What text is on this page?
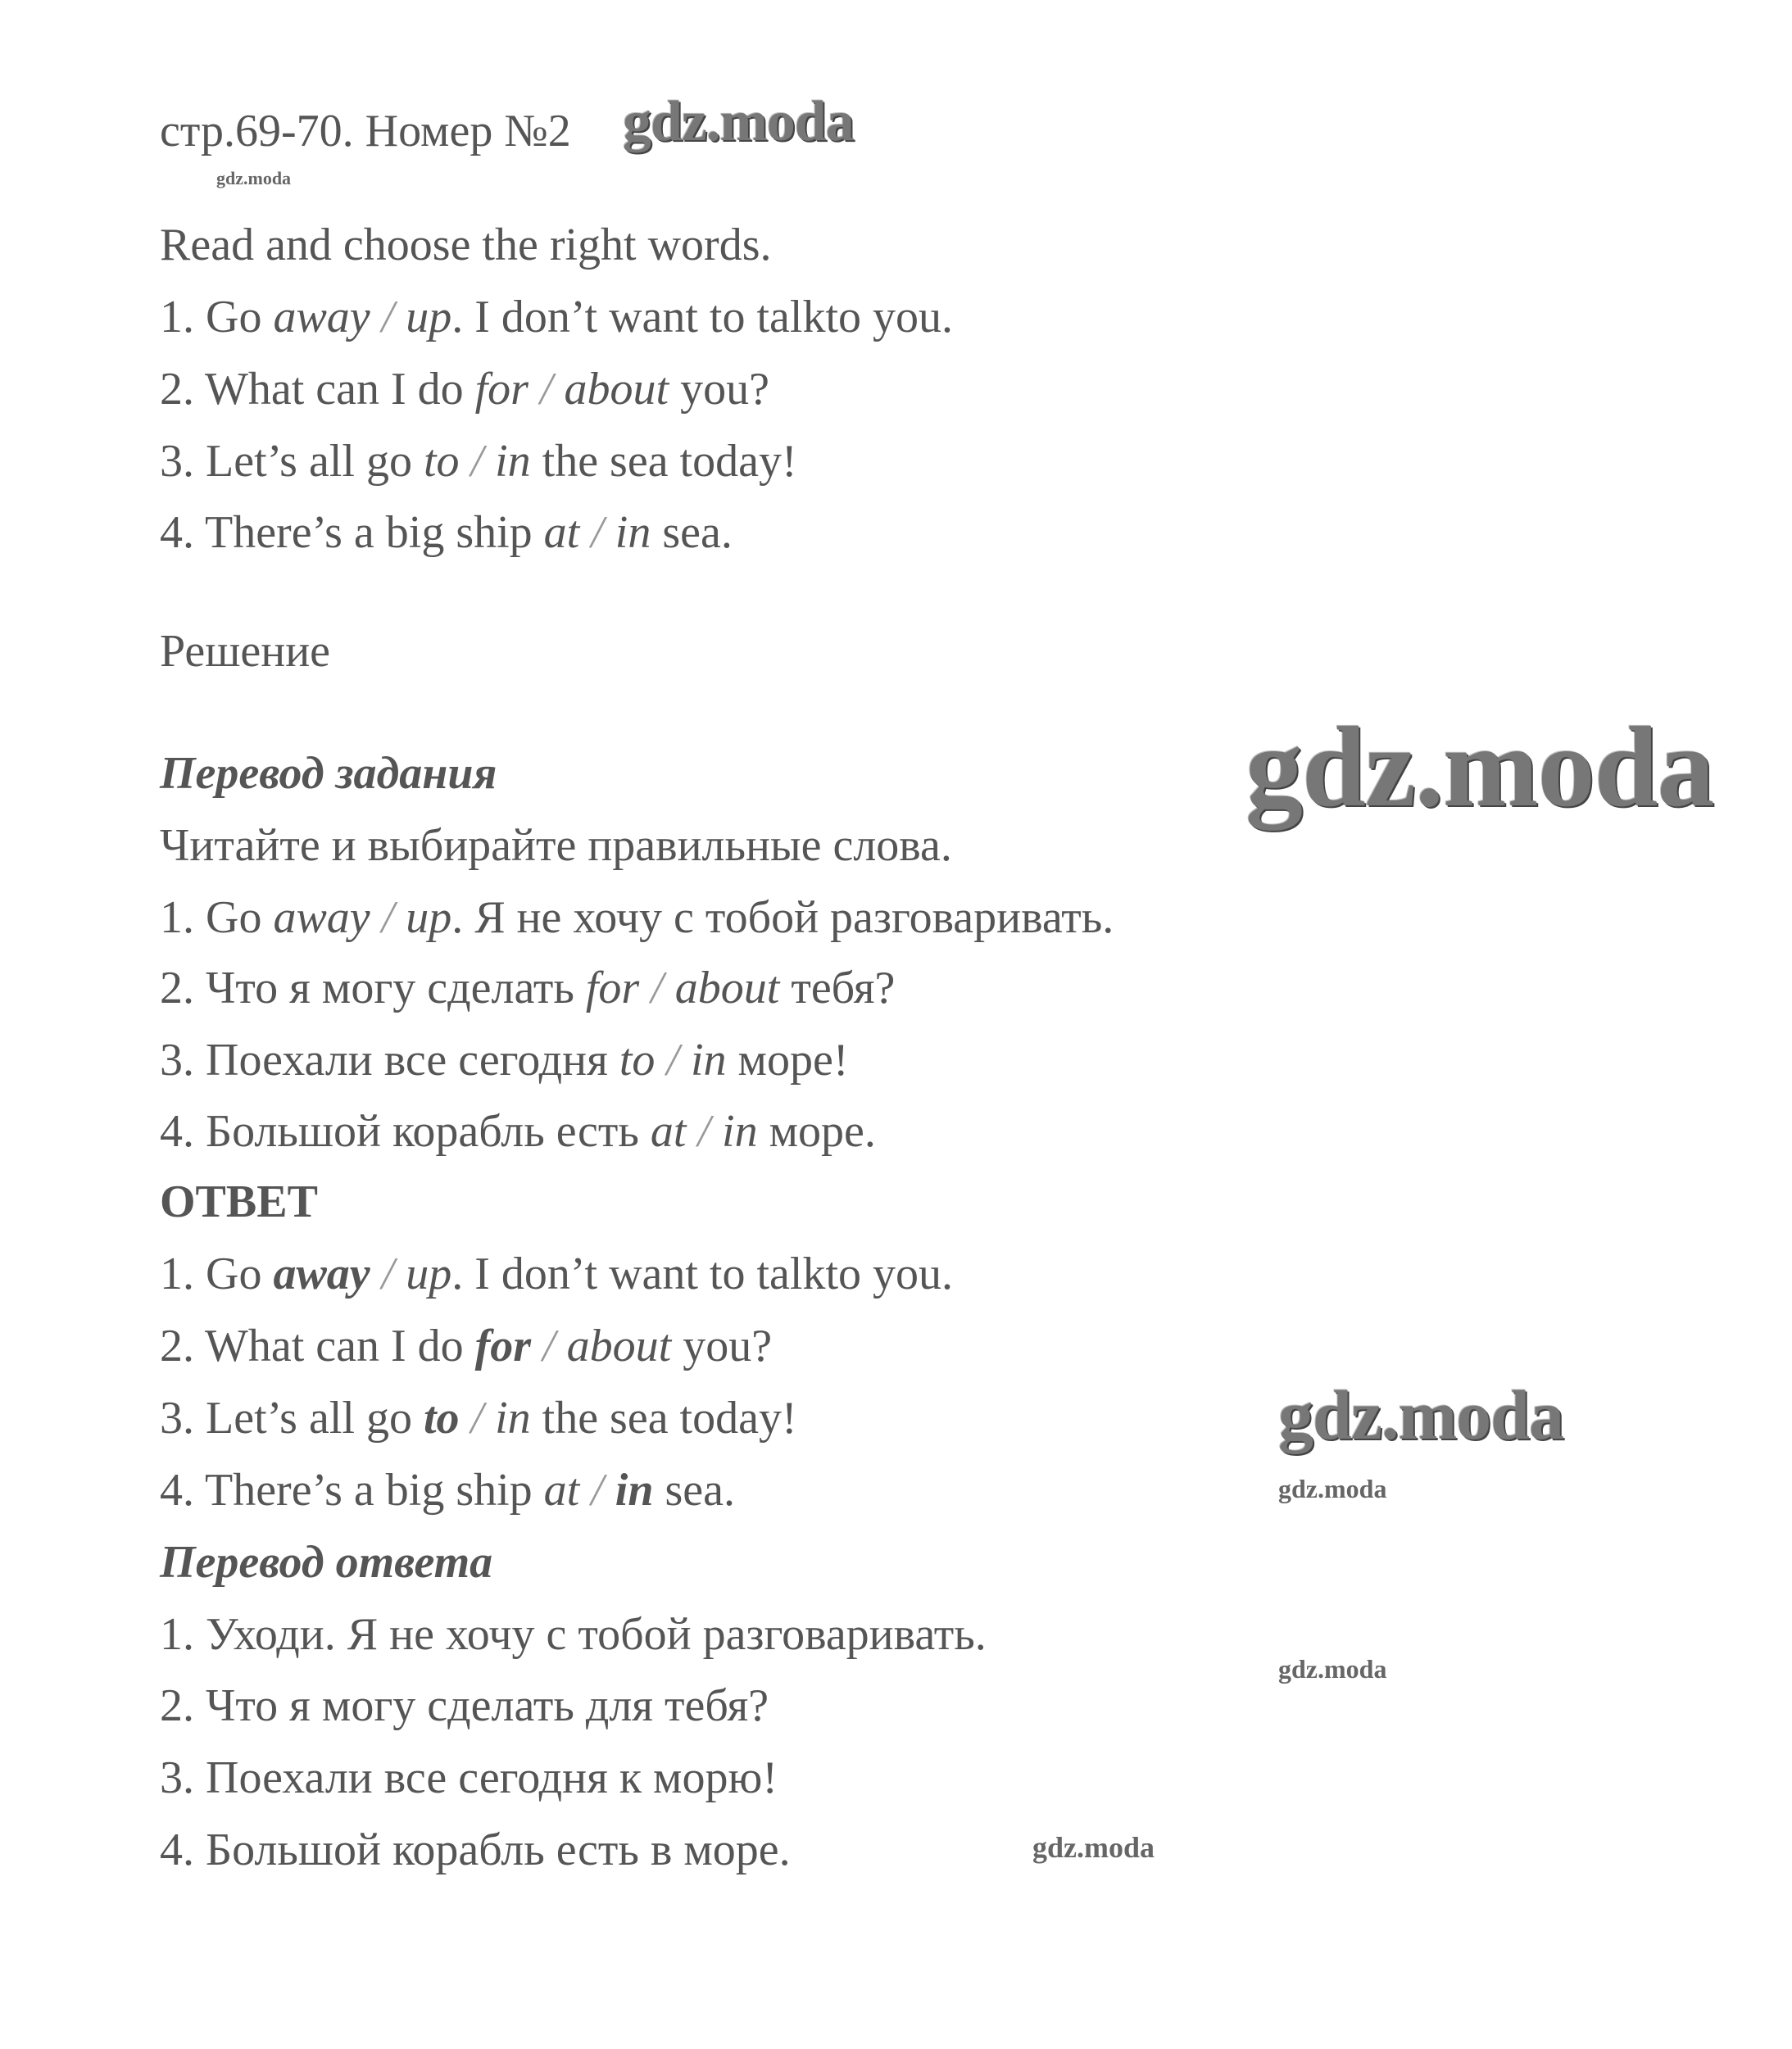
стр.69-70. Номер №2
Read and choose the right words.
1. Go away / up. I don’t want to talkto you.
2. What can I do for / about you?
3. Let’s all go to / in the sea today!
4. There’s a big ship at / in sea.
Решение
Перевод задания
Читайте и выбирайте правильные слова.
1. Go away / up. Я не хочу с тобой разговаривать.
2. Что я могу сделать for / about тебя?
3. Поехали все сегодня to / in море!
4. Большой корабль есть at / in море.
ОТВЕТ
1. Go away / up. I don’t want to talkto you.
2. What can I do for / about you?
3. Let’s all go to / in the sea today!
4. There’s a big ship at / in sea.
Перевод ответа
1. Уходи. Я не хочу с тобой разговаривать.
2. Что я могу сделать для тебя?
3. Поехали все сегодня к морю!
4. Большой корабль есть в море.
gdz.moda
gdz.moda
gdz.moda
gdz.moda
gdz.moda
gdz.moda
gdz.moda
